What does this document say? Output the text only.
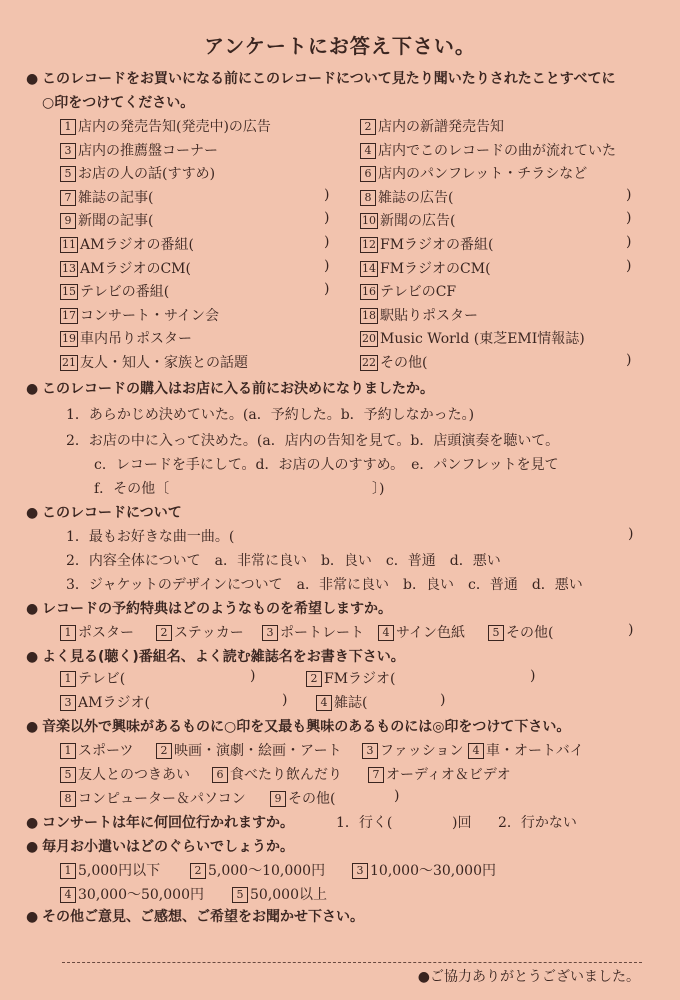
アンケートにお答え下さい。
● このレコードをお買いになる前にこのレコードについて見たり聞いたりされたことすべてに
○印をつけてください。
1 店内の発売告知(発売中)の広告	2 店内の新譜発売告知
3 店内の推薦盤コーナー	4 店内でこのレコードの曲が流れていた
5 お店の人の話(すすめ)	6 店内のパンフレット・チラシなど
7 雑誌の記事(	)	8 雑誌の広告(	)
9 新聞の記事(	)	10 新聞の広告(	)
11 AMラジオの番組(	)	12 FMラジオの番組(	)
13 AMラジオのCM(	)	14 FMラジオのCM(	)
15 テレビの番組(	)	16 テレビのCF
17 コンサート・サイン会	18 駅貼りポスター
19 車内吊りポスター	20 Music World (東芝EMI情報誌)
21 友人・知人・家族との話題	22 その他(	)
● このレコードの購入はお店に入る前にお決めになりましたか。
1．あらかじめ決めていた。(a．予約した。b．予約しなかった。)
2．お店の中に入って決めた。(a．店内の告知を見て。b．店頭演奏を聴いて。
c．レコードを手にして。d．お店の人のすすめ。　e．パンフレットを見て
f．その他〔	〕)
● このレコードについて
1．最もお好きな曲一曲。(	)
2．内容全体について　a．非常に良い　b．良い　c．普通　d．悪い
3．ジャケットのデザインについて　a．非常に良い　b．良い　c．普通　d．悪い
● レコードの予約特典はどのようなものを希望しますか。
1 ポスター	2 ステッカー	3 ポートレート	4 サイン色紙	5 その他(	)
● よく見る(聴く)番組名、よく読む雑誌名をお書き下さい。
1 テレビ(	)	2 FMラジオ(	)
3 AMラジオ(	)	4 雑誌(	)
● 音楽以外で興味があるものに○印を又最も興味のあるものには◎印をつけて下さい。
1 スポーツ	2 映画・演劇・絵画・アート	3 ファッション 4 車・オートバイ
5 友人とのつきあい	6 食べたり飲んだり	7 オーディオ＆ビデオ
8 コンピューター＆パソコン	9 その他(	)
● コンサートは年に何回位行かれますか。	1．行く(	)回 2．行かない
● 毎月お小遣いはどのぐらいでしょうか。
1 5,000円以下	2 5,000～10,000円	3 10,000～30,000円
4 30,000～50,000円	5 50,000以上
● その他ご意見、ご感想、ご希望をお聞かせ下さい。
●ご協力ありがとうございました。
